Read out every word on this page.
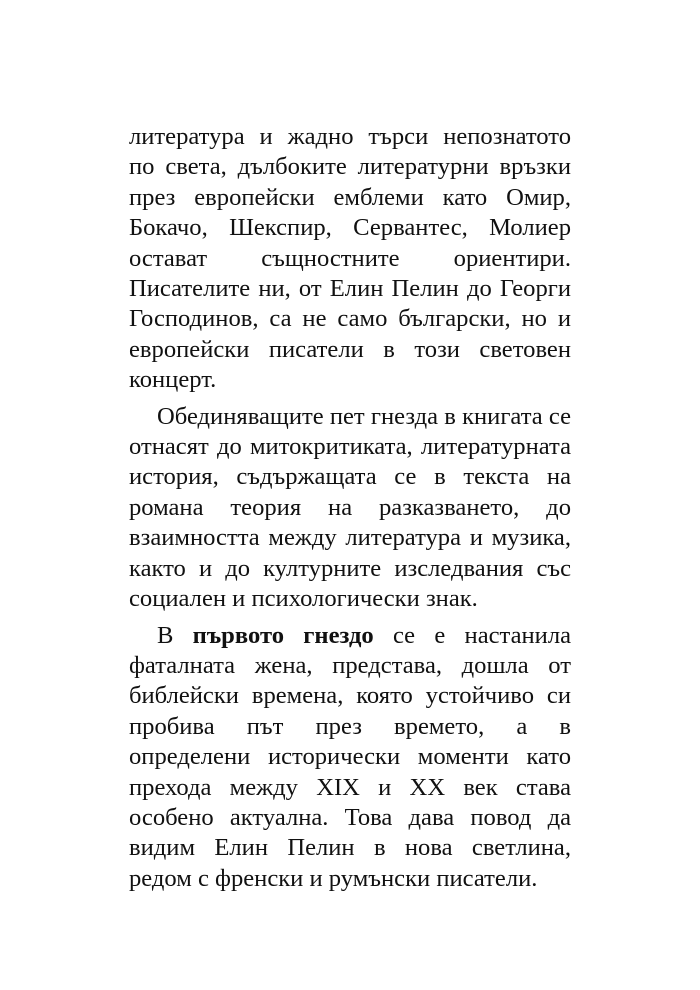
литература и жадно търси непознатото
по света, дълбоките литературни връзки
през европейски емблеми като Омир,
Бокачо, Шекспир, Сервантес, Молиер
остават същностните ориентири.
Писателите ни, от Елин Пелин до Георги
Господинов, са не само български, но и
европейски писатели в този световен
концерт.

Обединяващите пет гнезда в книгата се
отнасят до митокритиката, литературната
история, съдържащата се в текста на
романа теория на разказването, до
взаимността между литература и музика,
както и до културните изследвания със
социален и психологически знак.

В първото гнездо се е настанила
фаталната жена, представа, дошла от
библейски времена, която устойчиво си
пробива път през времето, а в
определени исторически моменти като
прехода между XIX и XX век става
особено актуална. Това дава повод да
видим Елин Пелин в нова светлина,
редом с френски и румънски писатели.
